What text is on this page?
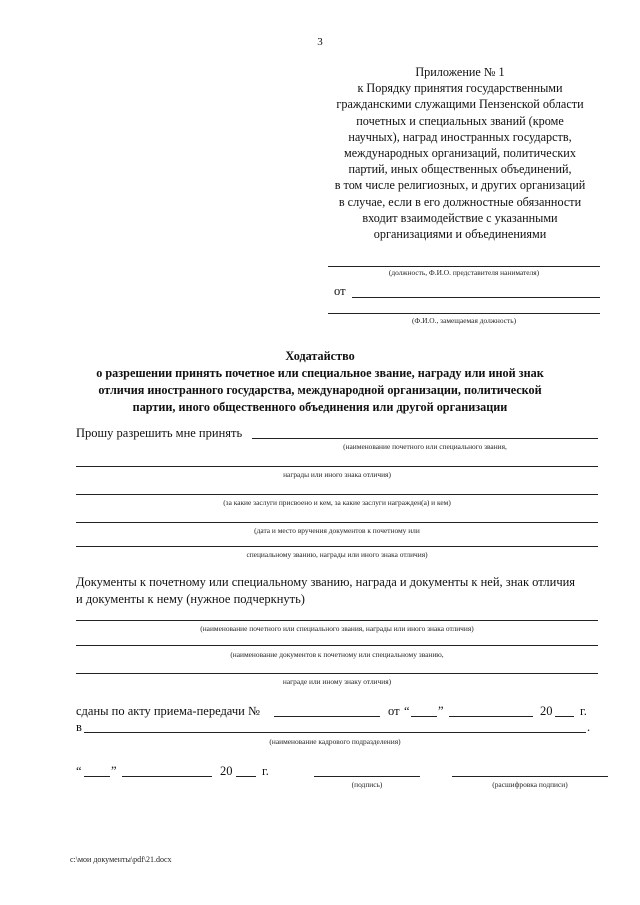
3
Приложение № 1
к Порядку принятия государственными
гражданскими служащими Пензенской области
почетных и специальных званий (кроме
научных), наград иностранных государств,
международных организаций, политических
партий, иных общественных объединений,
в том числе религиозных, и других организаций
в случае, если в его должностные обязанности
входит взаимодействие с указанными
организациями и объединениями
(должность, Ф.И.О. представителя нанимателя)
от
(Ф.И.О., замещаемая должность)
Ходатайство
о разрешении принять почетное или специальное звание, награду или иной знак
отличия иностранного государства, международной организации, политической
партии, иного общественного объединения или другой организации
Прошу разрешить мне принять
(наименование почетного или специального звания,
награды или иного знака отличия)
(за какие заслуги присвоено и кем, за какие заслуги награжден(а) и кем)
(дата и место вручения документов к почетному или
специальному званию, награды или иного знака отличия)
Документы к почетному или специальному званию, награда и документы к ней, знак отличия
и документы к нему (нужное подчеркнуть)
(наименование почетного или специального звания, награды или иного знака отличия)
(наименование документов к почетному или специальному званию,
награде или иному знаку отличия)
сданы по акту приема-передачи №	от “ ”	20 г.
в	.
(наименование кадрового подразделения)
“ ”	20 г.
(подпись)	(расшифровка подписи)
c:\мои документы\pdf\21.docx
